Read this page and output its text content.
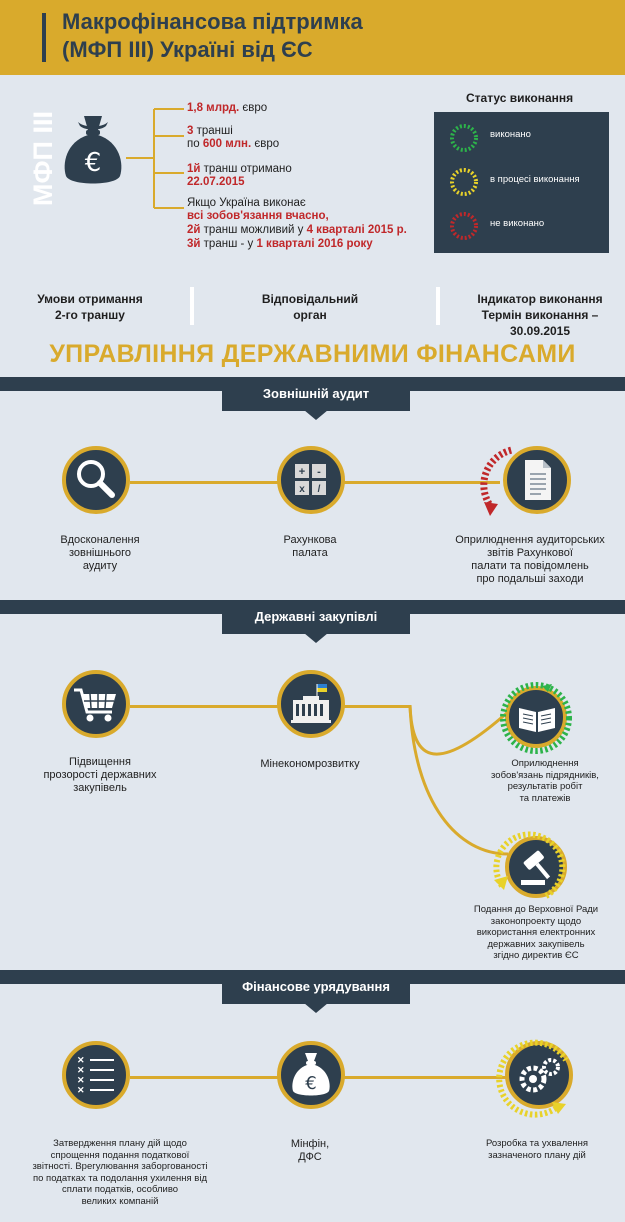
Макрофінансова підтримка
(МФП III) Україні від ЄС
МФП III €
1,8 млрд. євро
3 транші
по 600 млн. євро
1й транш отримано
22.07.2015
Якщо Україна виконає
всі зобов'язання вчасно,
2й транш можливий у 4 кварталі 2015 р.
3й транш - у 1 кварталі 2016 року
Статус виконання
виконано
в процесі виконання
не виконано
Умови отримання
2-го траншу
Відповідальний
орган
Індикатор виконання
Термін виконання –
30.09.2015
УПРАВЛІННЯ ДЕРЖАВНИМИ ФІНАНСАМИ
Зовнішній аудит
+ -
x /
Вдосконалення
зовнішнього
аудиту
Рахункова
палата
Оприлюднення аудиторських
звітів Рахункової
палати та повідомлень
про подальші заходи
Державні закупівлі
Підвищення
прозорості державних
закупівель
Мінекономрозвитку	Оприлюднення
зобов'язань підрядників,
результатів робіт
та платежів
Подання до Верховної Ради
законопроекту щодо
використання електронних
державних закупівель
згідно директив ЄС
Фінансове урядування
✕
✕
✕
✕	€
Затвердження плану дій щодо
спрощення подання податкової
звітності. Врегулювання заборгованості
по податках та подолання ухилення від
сплати податків, особливо
великих компаній
Мінфін,
ДФС
Розробка та ухвалення
зазначеного плану дій
